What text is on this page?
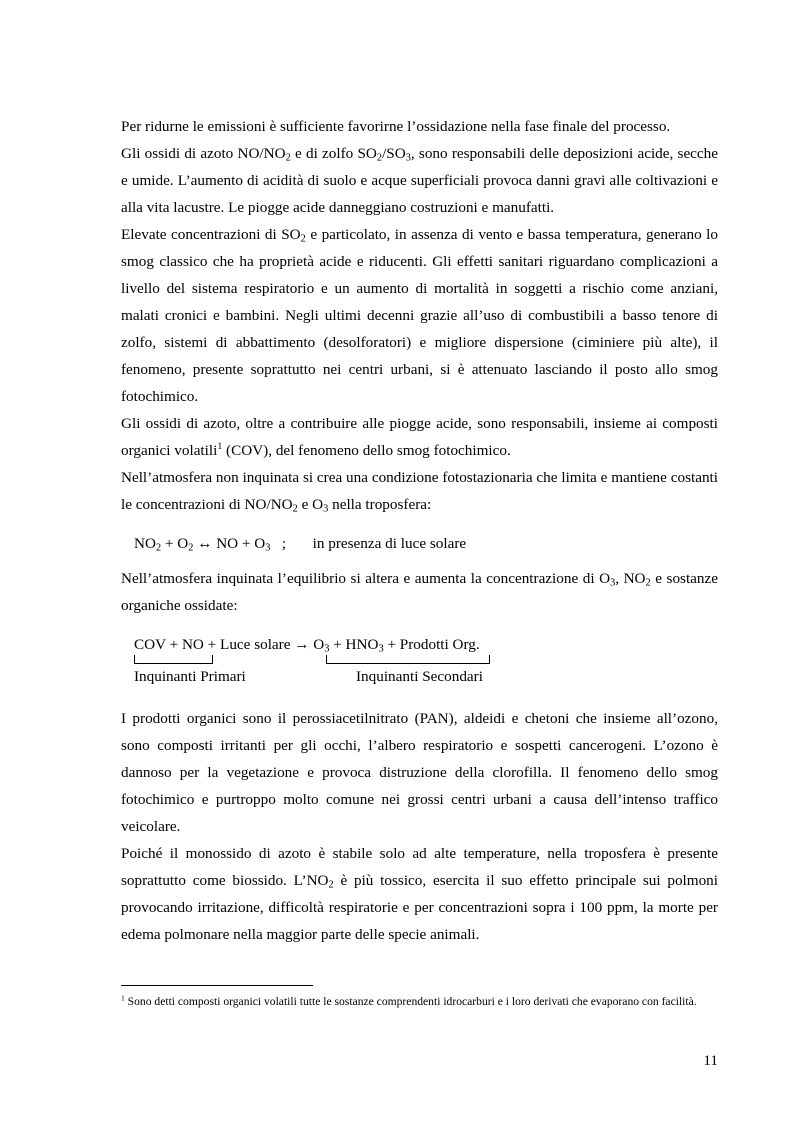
Per ridurne le emissioni è sufficiente favorirne l’ossidazione nella fase finale del processo.

Gli ossidi di azoto $NO/NO_2$ e di zolfo $SO_2/SO_3$, sono responsabili delle deposizioni acide, secche e umide. L’aumento di acidità di suolo e acque superficiali provoca danni gravi alle coltivazioni e alla vita lacustre. Le piogge acide danneggiano costruzioni e manufatti.

Elevate concentrazioni di $SO_2$ e particolato, in assenza di vento e bassa temperatura, generano lo smog classico che ha proprietà acide e riducenti. Gli effetti sanitari riguardano complicazioni a livello del sistema respiratorio e un aumento di mortalità in soggetti a rischio come anziani, malati cronici e bambini. Negli ultimi decenni grazie all’uso di combustibili a basso tenore di zolfo, sistemi di abbattimento (desolforatori) e migliore dispersione (ciminiere più alte), il fenomeno, presente soprattutto nei centri urbani, si è attenuato lasciando il posto allo smog fotochimico.

Gli ossidi di azoto, oltre a contribuire alle piogge acide, sono responsabili, insieme ai composti organici volatili$^1$ (COV), del fenomeno dello smog fotochimico.

Nell’atmosfera non inquinata si crea una condizione fotostazionaria che limita e mantiene costanti le concentrazioni di $NO/NO_2$ e $O_3$ nella troposfera:

$NO_2 + O_2$ ↔ NO + $O_3$   ;       in presenza di luce solare

Nell’atmosfera inquinata l’equilibrio si altera e aumenta la concentrazione di $O_3$, $NO_2$ e sostanze organiche ossidate:

COV + NO + Luce solare → $O_3 + HNO_3$ + Prodotti Org.
Inquinanti Primari	Inquinanti Secondari

I prodotti organici sono il perossiacetilnitrato (PAN), aldeidi e chetoni che insieme all’ozono, sono composti irritanti per gli occhi, l’albero respiratorio e sospetti cancerogeni. L’ozono è dannoso per la vegetazione e provoca distruzione della clorofilla. Il fenomeno dello smog fotochimico e purtroppo molto comune nei grossi centri urbani a causa dell’intenso traffico veicolare.

Poiché il monossido di azoto è stabile solo ad alte temperature, nella troposfera è presente soprattutto come biossido. $L’NO_2$ è più tossico, esercita il suo effetto principale sui polmoni provocando irritazione, difficoltà respiratorie e per concentrazioni sopra i 100 ppm, la morte per edema polmonare nella maggior parte delle specie animali.

$^1$ Sono detti composti organici volatili tutte le sostanze comprendenti idrocarburi e i loro derivati che evaporano con facilità.
11
